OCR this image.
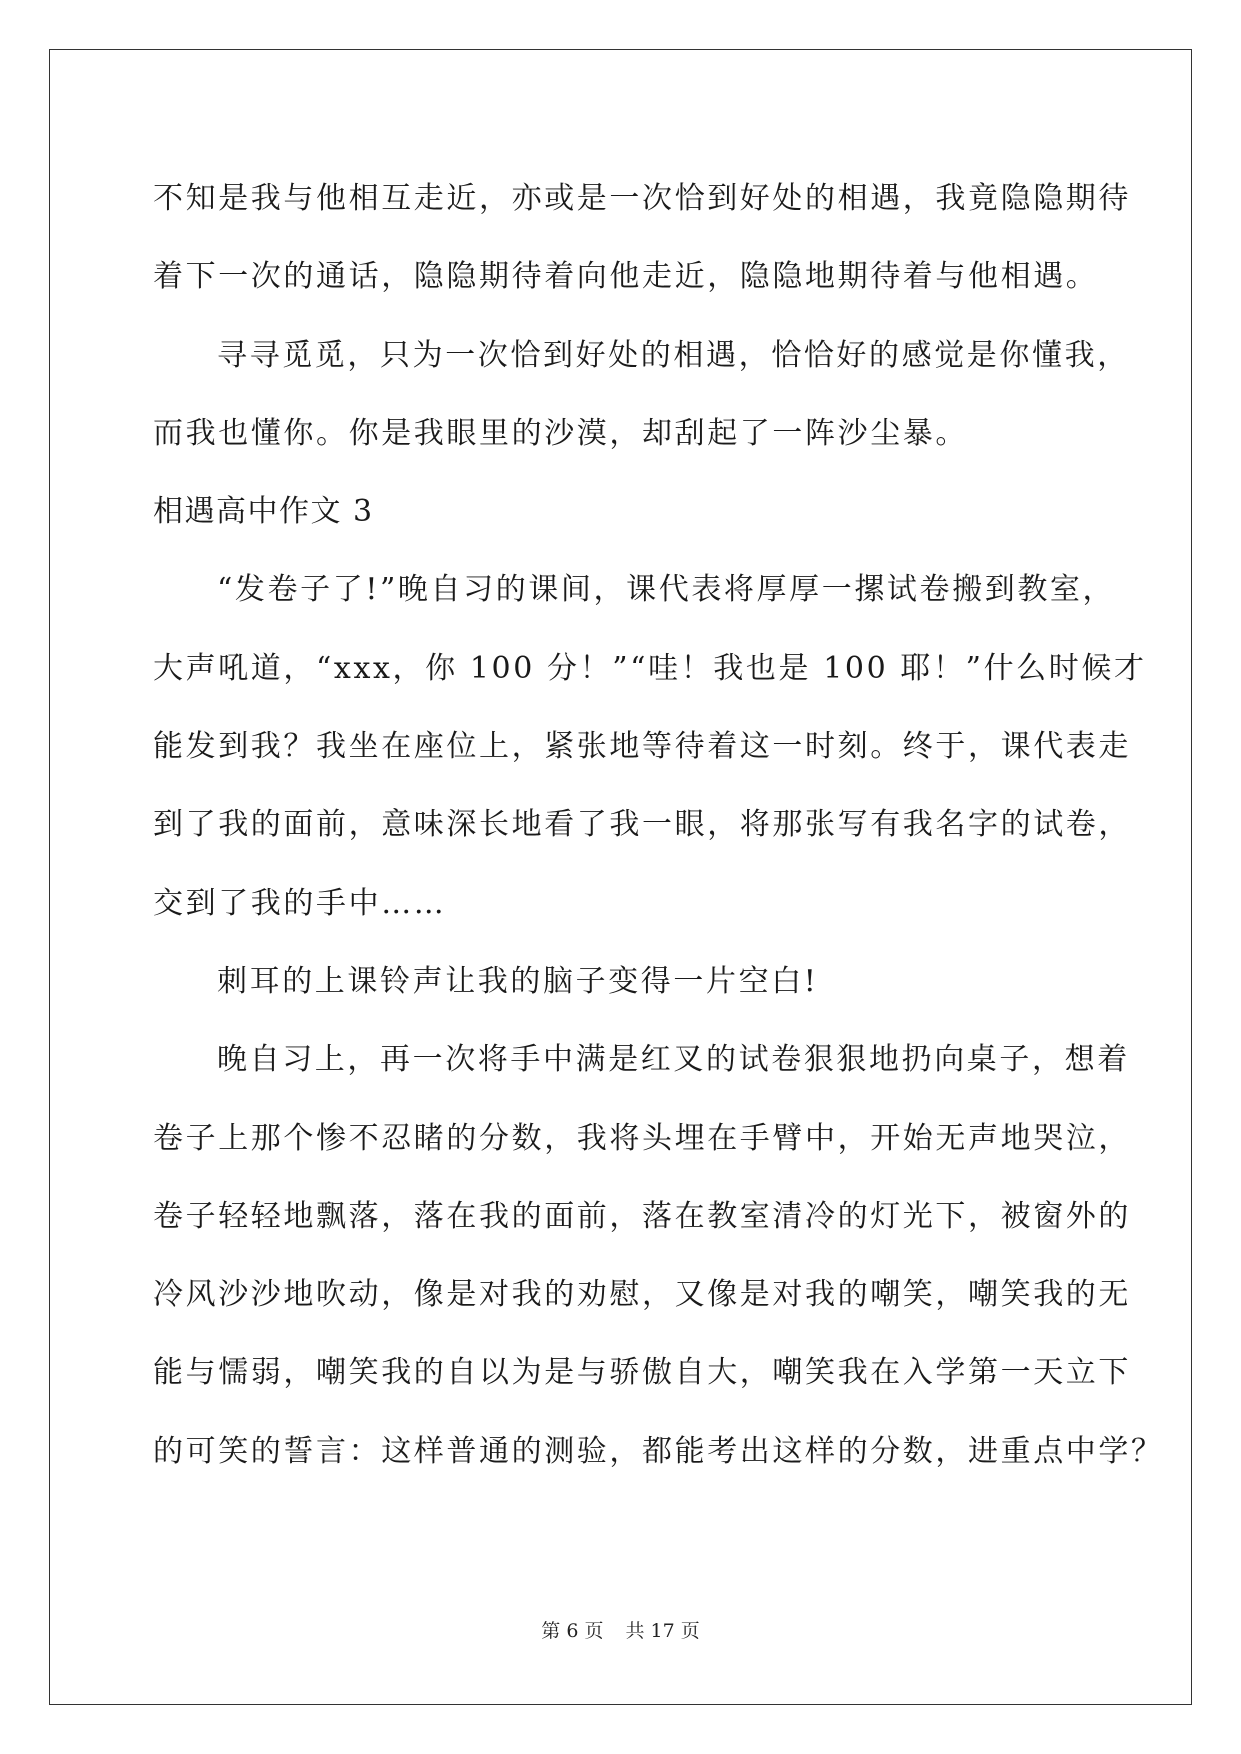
不知是我与他相互走近，亦或是一次恰到好处的相遇，我竟隐隐期待
着下一次的通话，隐隐期待着向他走近，隐隐地期待着与他相遇。
寻寻觅觅，只为一次恰到好处的相遇，恰恰好的感觉是你懂我，
而我也懂你。你是我眼里的沙漠，却刮起了一阵沙尘暴。
相遇高中作文 3
“发卷子了!”晚自习的课间，课代表将厚厚一摞试卷搬到教室，
大声吼道，“xxx，你 100 分！”“哇！我也是 100 耶！”什么时候才
能发到我？我坐在座位上，紧张地等待着这一时刻。终于，课代表走
到了我的面前，意味深长地看了我一眼，将那张写有我名字的试卷，
交到了我的手中……
刺耳的上课铃声让我的脑子变得一片空白!
晚自习上，再一次将手中满是红叉的试卷狠狠地扔向桌子，想着
卷子上那个惨不忍睹的分数，我将头埋在手臂中，开始无声地哭泣，
卷子轻轻地飘落，落在我的面前，落在教室清冷的灯光下，被窗外的
冷风沙沙地吹动，像是对我的劝慰，又像是对我的嘲笑，嘲笑我的无
能与懦弱，嘲笑我的自以为是与骄傲自大，嘲笑我在入学第一天立下
的可笑的誓言：这样普通的测验，都能考出这样的分数，进重点中学？
第 6 页 共 17 页
